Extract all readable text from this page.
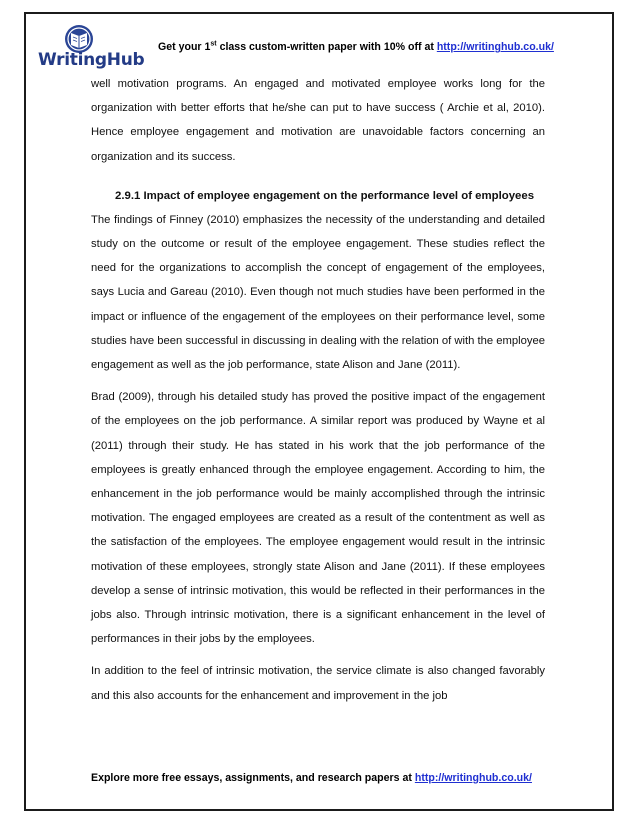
WritingHub
Get your 1st class custom-written paper with 10% off at http://writinghub.co.uk/

well motivation programs. An engaged and motivated employee works long for the organization with better efforts that he/she can put to have success ( Archie et al, 2010). Hence employee engagement and motivation are unavoidable factors concerning an organization and its success.

2.9.1 Impact of employee engagement on the performance level of employees

The findings of Finney (2010) emphasizes the necessity of the understanding and detailed study on the outcome or result of the employee engagement. These studies reflect the need for the organizations to accomplish the concept of engagement of the employees, says Lucia and Gareau (2010). Even though not much studies have been performed in the impact or influence of the engagement of the employees on their performance level, some studies have been successful in discussing in dealing with the relation of with the employee engagement as well as the job performance, state Alison and Jane (2011).

Brad (2009), through his detailed study has proved the positive impact of the engagement of the employees on the job performance. A similar report was produced by Wayne et al (2011) through their study. He has stated in his work that the job performance of the employees is greatly enhanced through the employee engagement. According to him, the enhancement in the job performance would be mainly accomplished through the intrinsic motivation. The engaged employees are created as a result of the contentment as well as the satisfaction of the employees. The employee engagement would result in the intrinsic motivation of these employees, strongly state Alison and Jane (2011). If these employees develop a sense of intrinsic motivation, this would be reflected in their performances in the jobs also. Through intrinsic motivation, there is a significant enhancement in the level of performances in their jobs by the employees.

In addition to the feel of intrinsic motivation, the service climate is also changed favorably and this also accounts for the enhancement and improvement in the job

Explore more free essays, assignments, and research papers at http://writinghub.co.uk/
